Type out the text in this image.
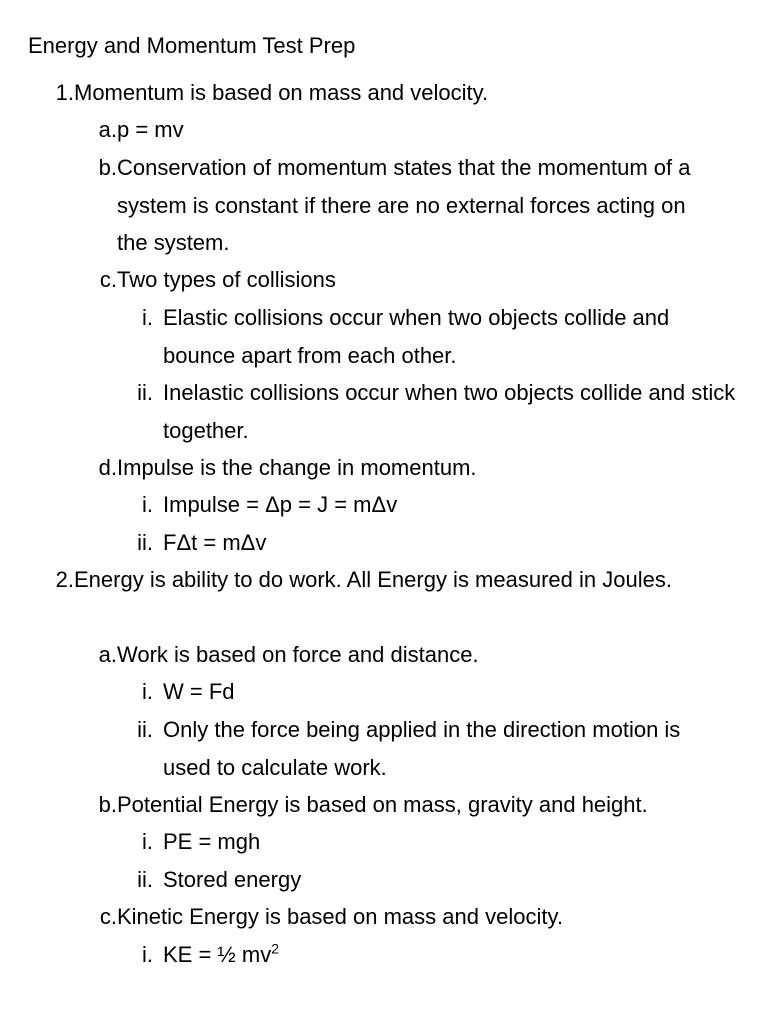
Energy and Momentum Test Prep
1. Momentum is based on mass and velocity.
a. p = mv
b. Conservation of momentum states that the momentum of a system is constant if there are no external forces acting on the system.
c. Two types of collisions
i. Elastic collisions occur when two objects collide and bounce apart from each other.
ii. Inelastic collisions occur when two objects collide and stick together.
d. Impulse is the change in momentum.
i. Impulse = Δp = J = mΔv
ii. FΔt = mΔv
2. Energy is ability to do work. All Energy is measured in Joules.
a. Work is based on force and distance.
i. W = Fd
ii. Only the force being applied in the direction motion is used to calculate work.
b. Potential Energy is based on mass, gravity and height.
i. PE = mgh
ii. Stored energy
c. Kinetic Energy is based on mass and velocity.
i. KE = ½ $mv^2$
